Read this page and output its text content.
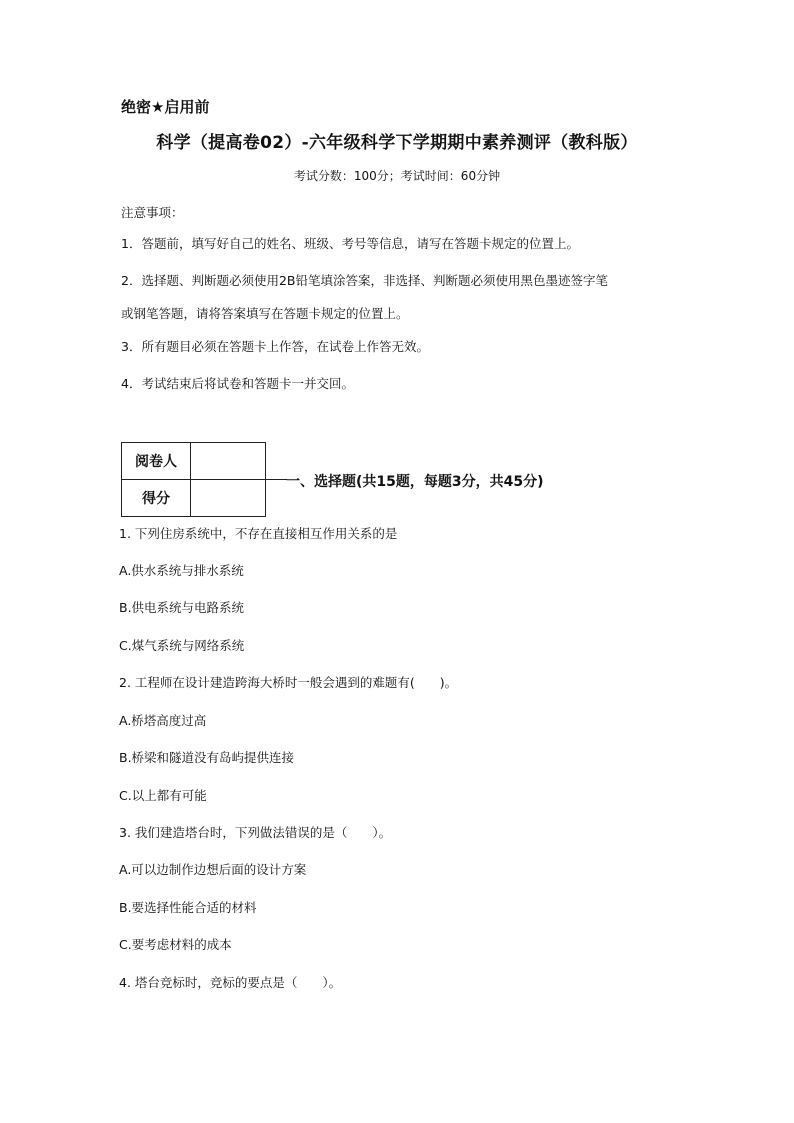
绝密★启用前
科学（提高卷02）-六年级科学下学期期中素养测评（教科版）
考试分数：100分；考试时间：60分钟
注意事项：
1．答题前，填写好自己的姓名、班级、考号等信息，请写在答题卡规定的位置上。
2．选择题、判断题必须使用2B铅笔填涂答案，非选择、判断题必须使用黑色墨迹签字笔
或钢笔答题，请将答案填写在答题卡规定的位置上。
3．所有题目必须在答题卡上作答，在试卷上作答无效。
4．考试结束后将试卷和答题卡一并交回。
阅卷人	
得分	
一、选择题(共15题，每题3分，共45分)
1. 下列住房系统中，不存在直接相互作用关系的是
A.供水系统与排水系统
B.供电系统与电路系统
C.煤气系统与网络系统
2. 工程师在设计建造跨海大桥时一般会遇到的难题有(　　)。
A.桥塔高度过高
B.桥梁和隧道没有岛屿提供连接
C.以上都有可能
3. 我们建造塔台时，下列做法错误的是（　　）。
A.可以边制作边想后面的设计方案
B.要选择性能合适的材料
C.要考虑材料的成本
4. 塔台竞标时，竞标的要点是（　　）。
